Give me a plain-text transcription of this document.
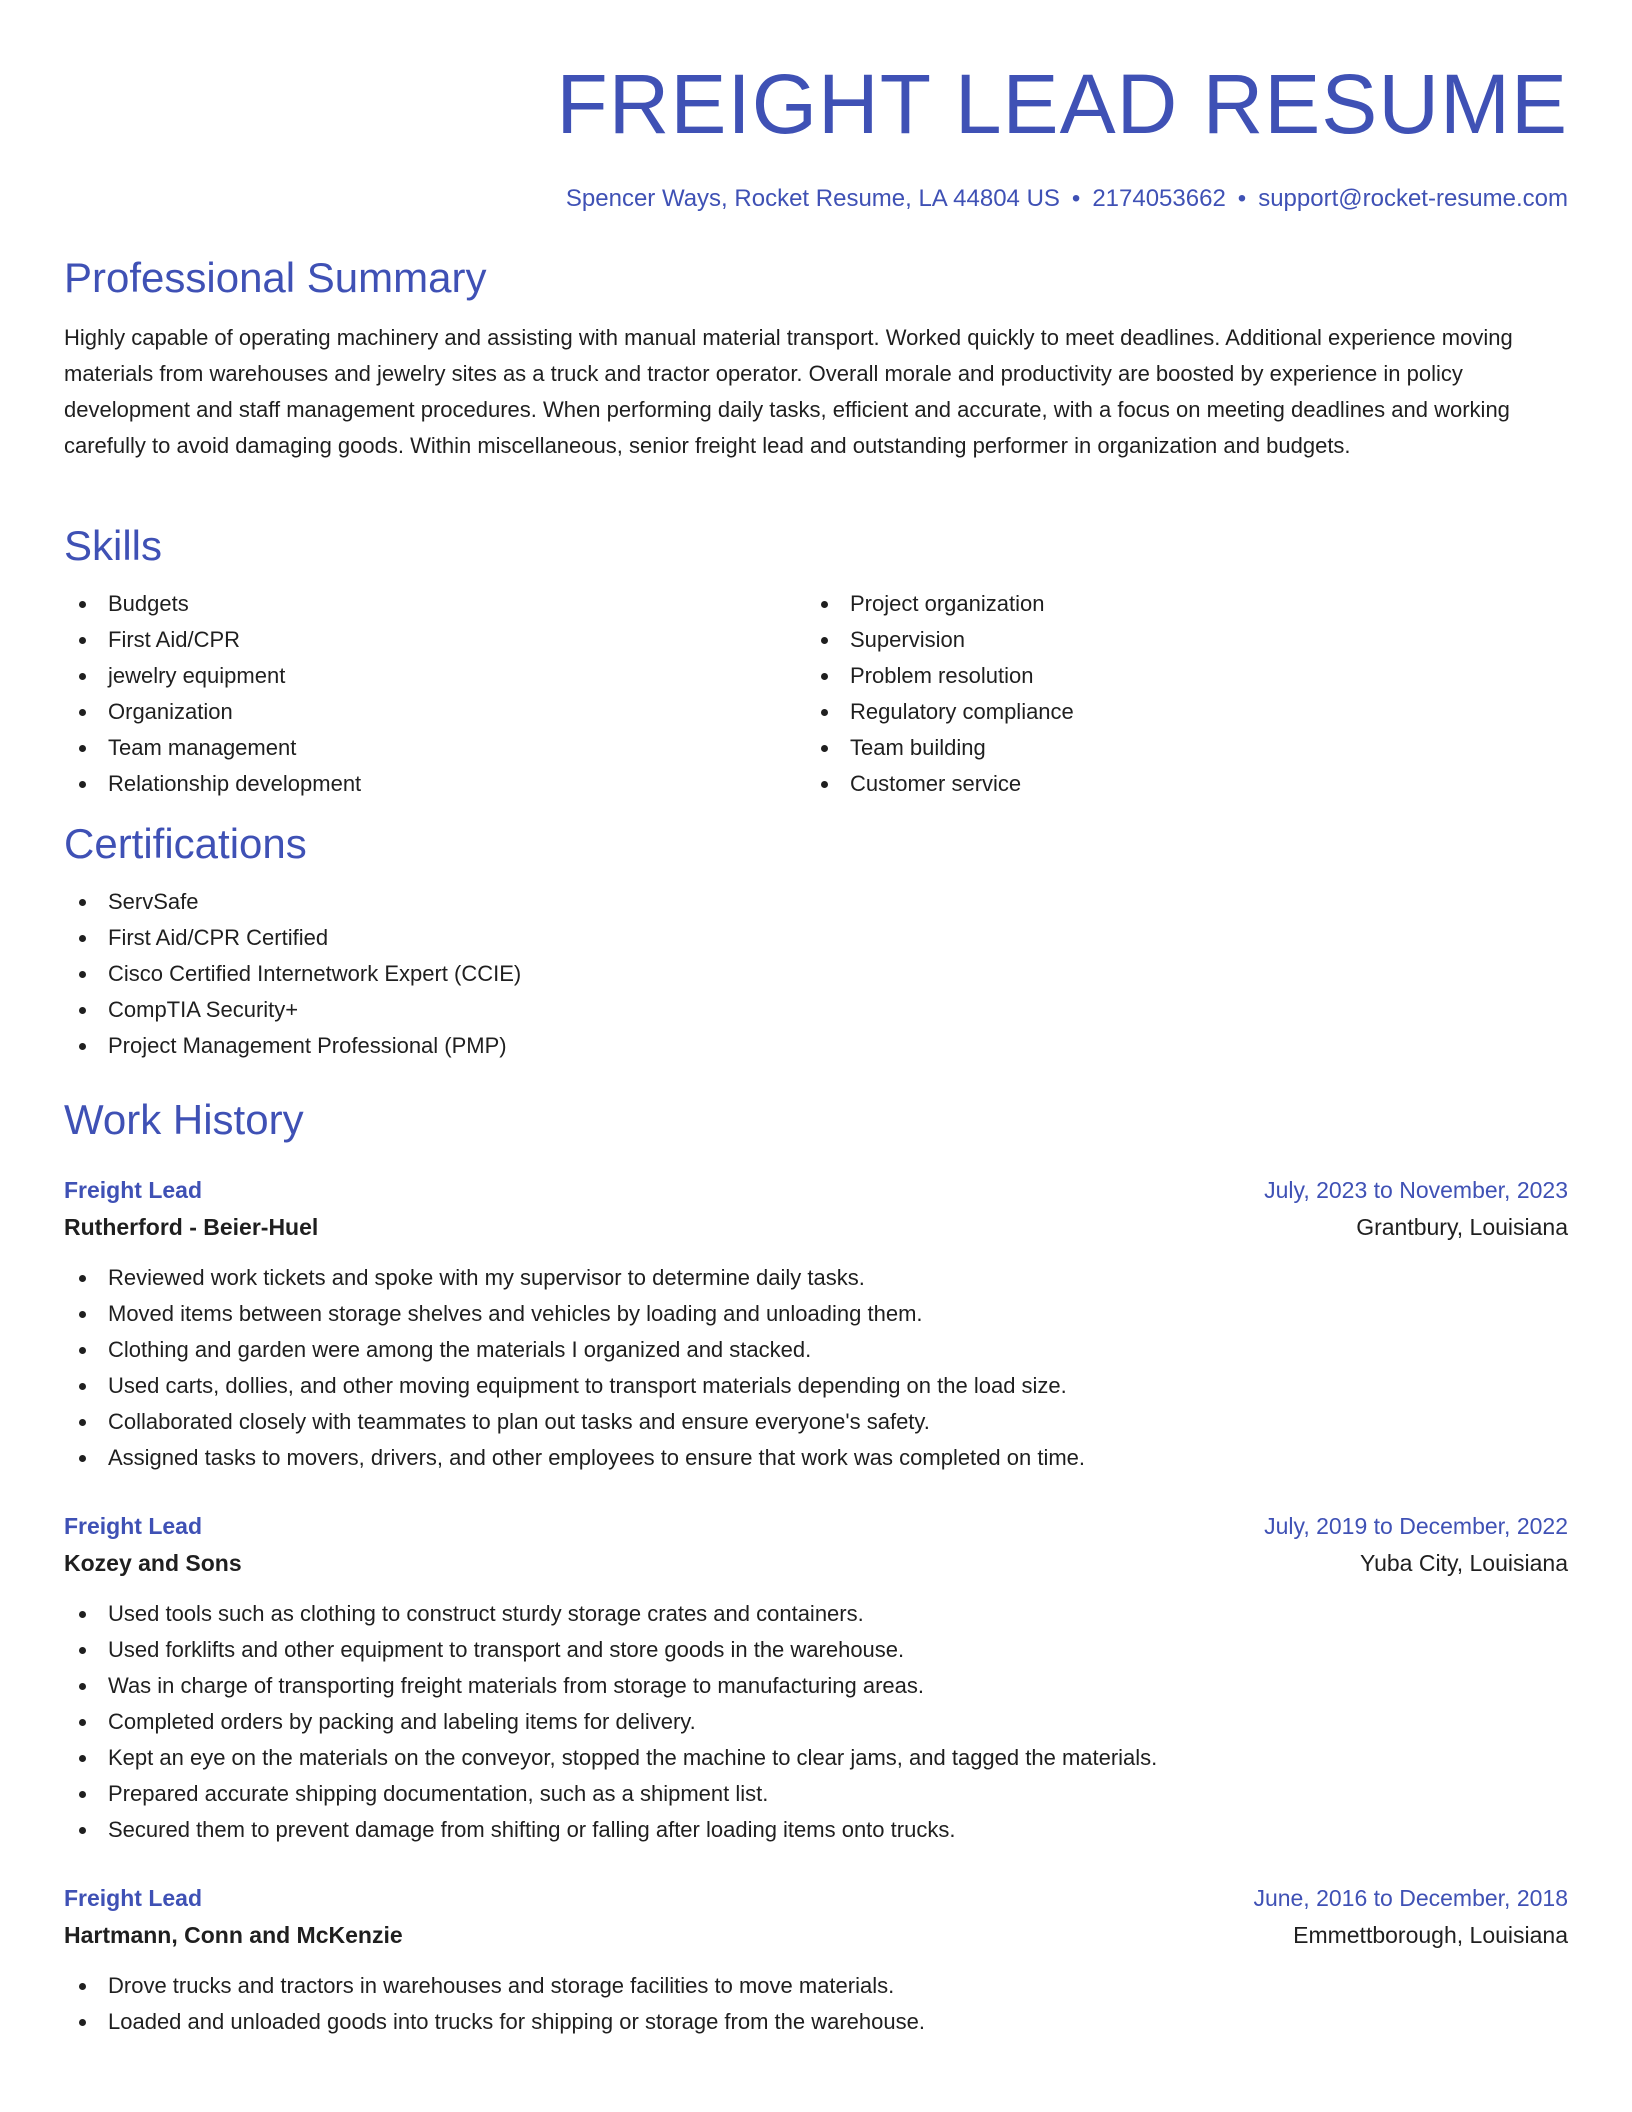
FREIGHT LEAD RESUME
Spencer Ways, Rocket Resume, LA 44804 US • 2174053662 • support@rocket-resume.com
Professional Summary

Highly capable of operating machinery and assisting with manual material transport. Worked quickly to meet deadlines. Additional experience moving materials from warehouses and jewelry sites as a truck and tractor operator. Overall morale and productivity are boosted by experience in policy development and staff management procedures. When performing daily tasks, efficient and accurate, with a focus on meeting deadlines and working carefully to avoid damaging goods. Within miscellaneous, senior freight lead and outstanding performer in organization and budgets.

Skills
Budgets
First Aid/CPR
jewelry equipment
Organization
Team management
Relationship development
Project organization
Supervision
Problem resolution
Regulatory compliance
Team building
Customer service
Certifications
ServSafe
First Aid/CPR Certified
Cisco Certified Internetwork Expert (CCIE)
CompTIA Security+
Project Management Professional (PMP)
Work History
Freight Lead	July, 2023 to November, 2023
Rutherford - Beier-Huel	Grantbury, Louisiana
Reviewed work tickets and spoke with my supervisor to determine daily tasks.
Moved items between storage shelves and vehicles by loading and unloading them.
Clothing and garden were among the materials I organized and stacked.
Used carts, dollies, and other moving equipment to transport materials depending on the load size.
Collaborated closely with teammates to plan out tasks and ensure everyone's safety.
Assigned tasks to movers, drivers, and other employees to ensure that work was completed on time.
Freight Lead	July, 2019 to December, 2022
Kozey and Sons	Yuba City, Louisiana
Used tools such as clothing to construct sturdy storage crates and containers.
Used forklifts and other equipment to transport and store goods in the warehouse.
Was in charge of transporting freight materials from storage to manufacturing areas.
Completed orders by packing and labeling items for delivery.
Kept an eye on the materials on the conveyor, stopped the machine to clear jams, and tagged the materials.
Prepared accurate shipping documentation, such as a shipment list.
Secured them to prevent damage from shifting or falling after loading items onto trucks.
Freight Lead	June, 2016 to December, 2018
Hartmann, Conn and McKenzie	Emmettborough, Louisiana
Drove trucks and tractors in warehouses and storage facilities to move materials.
Loaded and unloaded goods into trucks for shipping or storage from the warehouse.
